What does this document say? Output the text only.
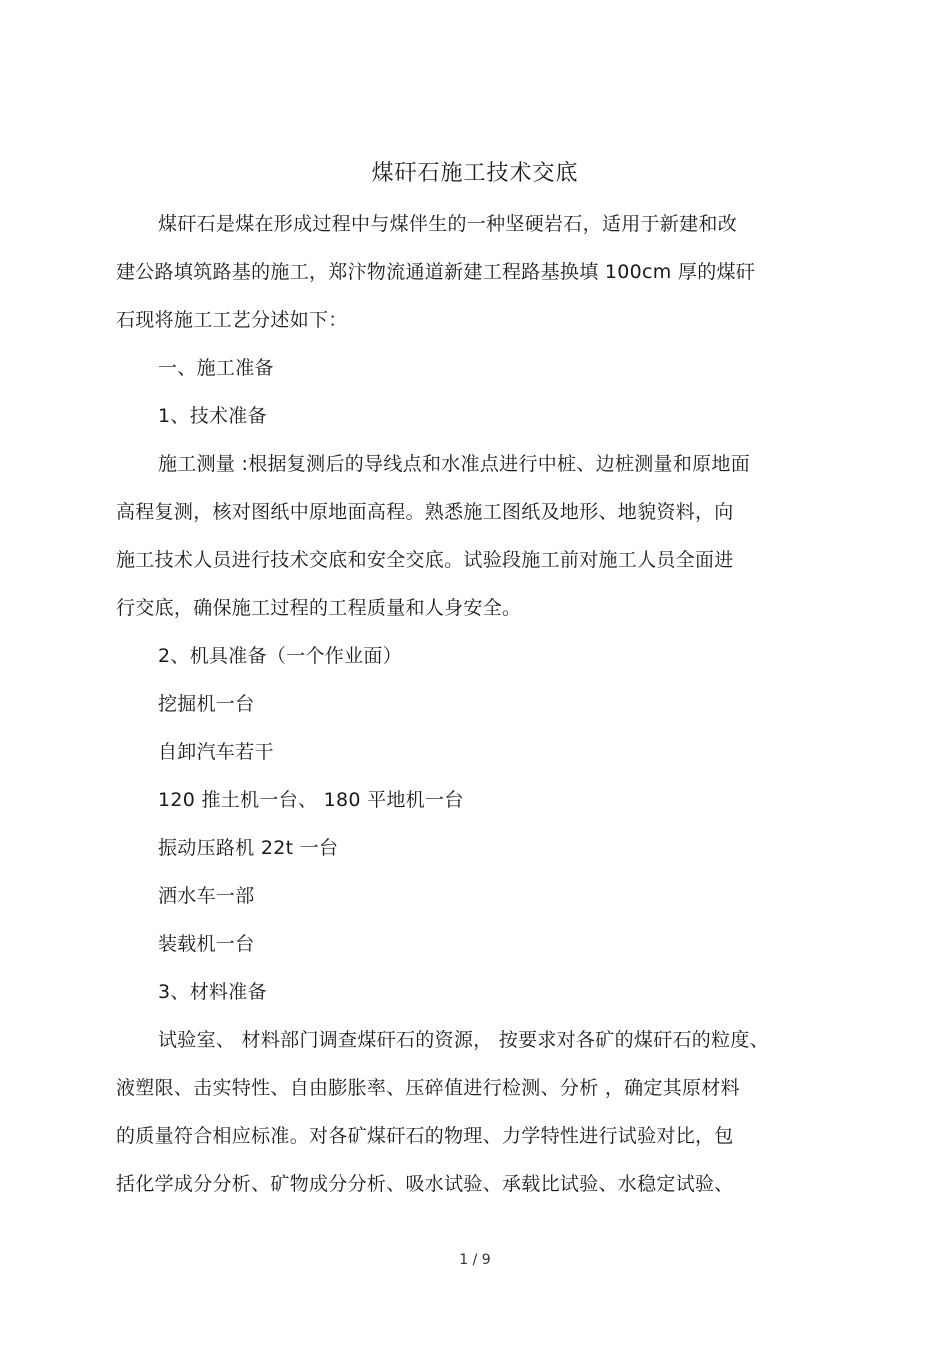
煤矸石施工技术交底
煤矸石是煤在形成过程中与煤伴生的一种坚硬岩石，适用于新建和改
建公路填筑路基的施工，郑汴物流通道新建工程路基换填 100cm 厚的煤矸
石现将施工工艺分述如下：
一、施工准备
1、技术准备
施工测量 :根据复测后的导线点和水准点进行中桩、边桩测量和原地面
高程复测，核对图纸中原地面高程。熟悉施工图纸及地形、地貌资料，向
施工技术人员进行技术交底和安全交底。试验段施工前对施工人员全面进
行交底，确保施工过程的工程质量和人身安全。
2、机具准备（一个作业面）
挖掘机一台
自卸汽车若干
120 推土机一台、 180 平地机一台
振动压路机 22t 一台
洒水车一部
装载机一台
3、材料准备
试验室、 材料部门调查煤矸石的资源， 按要求对各矿的煤矸石的粒度、
液塑限、击实特性、自由膨胀率、压碎值进行检测、分析 ，确定其原材料
的质量符合相应标准。对各矿煤矸石的物理、力学特性进行试验对比，包
括化学成分分析、矿物成分分析、吸水试验、承载比试验、水稳定试验、
1 / 9
